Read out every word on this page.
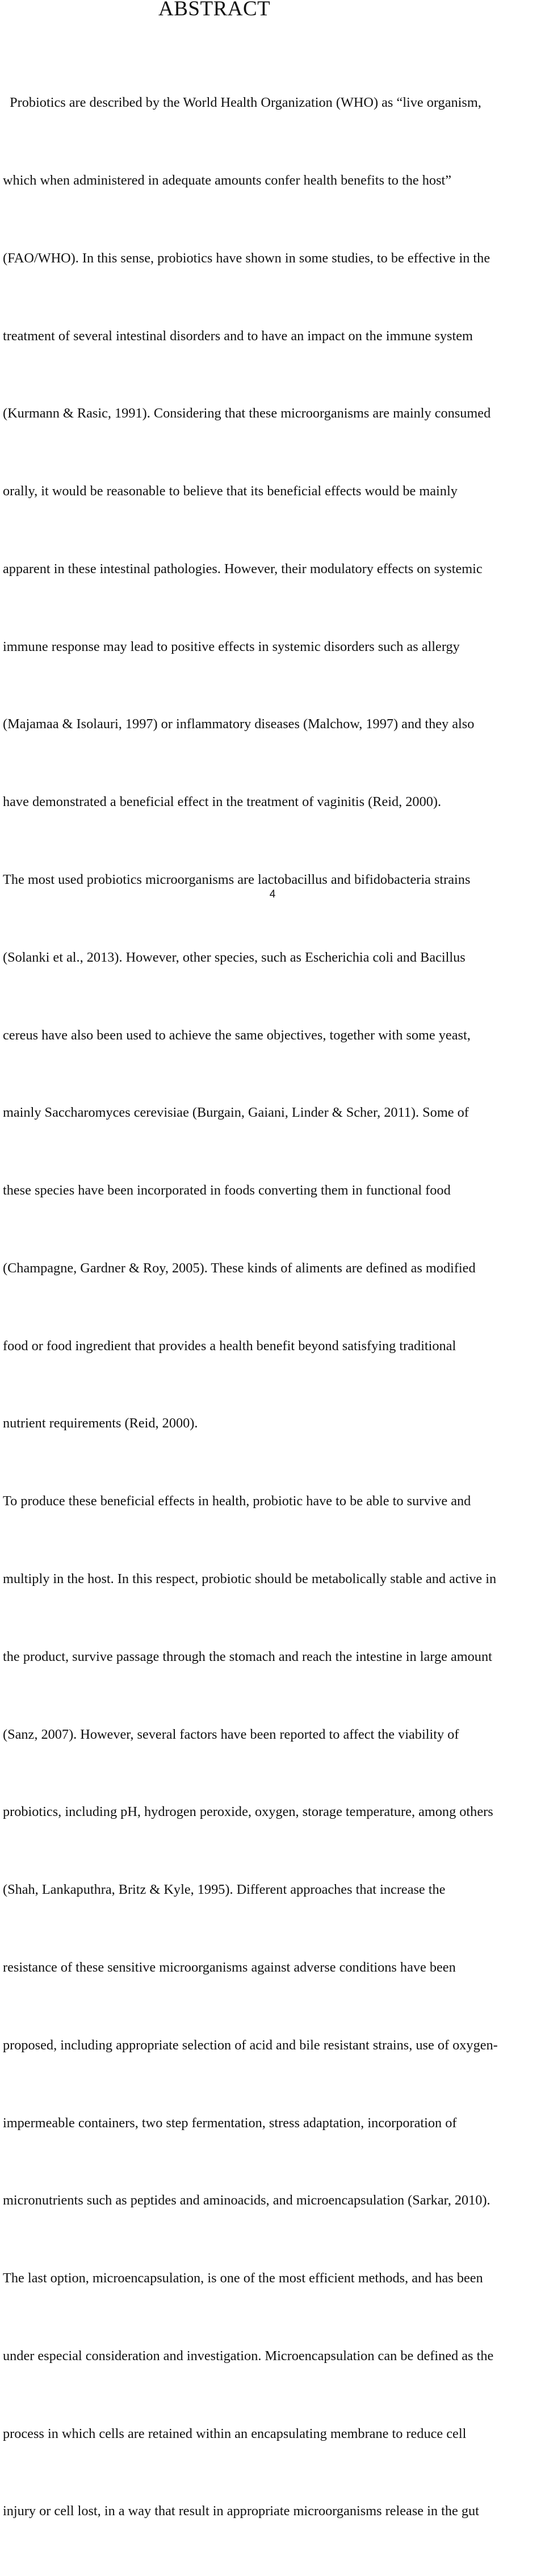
ABSTRACT

Probiotics are described by the World Health Organization (WHO) as “live organism,

which when administered in adequate amounts confer health benefits to the host”

(FAO/WHO). In this sense, probiotics have shown in some studies, to be effective in the

treatment of several intestinal disorders and to have an impact on the immune system

(Kurmann & Rasic, 1991). Considering that these microorganisms are mainly consumed

orally, it would be reasonable to believe that its beneficial effects would be mainly

apparent in these intestinal pathologies. However, their modulatory effects on systemic

immune response may lead to positive effects in systemic disorders such as allergy

(Majamaa & Isolauri, 1997) or inflammatory diseases (Malchow, 1997) and they also

have demonstrated a beneficial effect in the treatment of vaginitis (Reid, 2000).

The most used probiotics microorganisms are lactobacillus and bifidobacteria strains

(Solanki et al., 2013). However, other species, such as Escherichia coli and Bacillus

cereus have also been used to achieve the same objectives, together with some yeast,

mainly Saccharomyces cerevisiae (Burgain, Gaiani, Linder & Scher, 2011). Some of

these species have been incorporated in foods converting them in functional food

(Champagne, Gardner & Roy, 2005). These kinds of aliments are defined as modified

food or food ingredient that provides a health benefit beyond satisfying traditional

nutrient requirements (Reid, 2000).

To produce these beneficial effects in health, probiotic have to be able to survive and

multiply in the host. In this respect, probiotic should be metabolically stable and active in

the product, survive passage through the stomach and reach the intestine in large amount

(Sanz, 2007). However, several factors have been reported to affect the viability of

probiotics, including pH, hydrogen peroxide, oxygen, storage temperature, among others

(Shah, Lankaputhra, Britz & Kyle, 1995). Different approaches that increase the

resistance of these sensitive microorganisms against adverse conditions have been

proposed, including appropriate selection of acid and bile resistant strains, use of oxygen-

impermeable containers, two step fermentation, stress adaptation, incorporation of

micronutrients such as peptides and aminoacids, and microencapsulation (Sarkar, 2010).

The last option, microencapsulation, is one of the most efficient methods, and has been

under especial consideration and investigation. Microencapsulation can be defined as the

process in which cells are retained within an encapsulating membrane to reduce cell

injury or cell lost, in a way that result in appropriate microorganisms release in the gut

4
